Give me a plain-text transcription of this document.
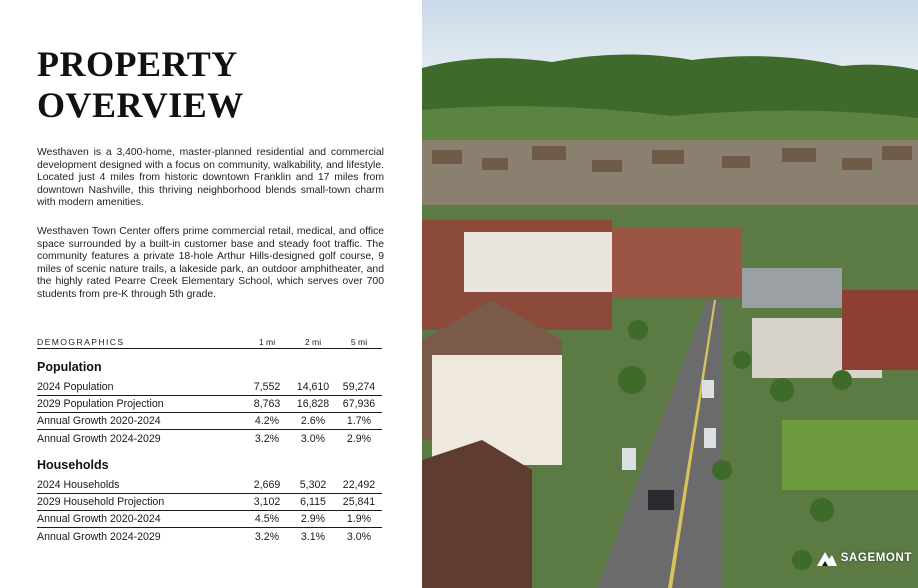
PROPERTY
OVERVIEW

Westhaven is a 3,400-home, master-planned residential and commercial development designed with a focus on community, walkability, and lifestyle. Located just 4 miles from historic downtown Franklin and 17 miles from downtown Nashville, this thriving neighborhood blends small-town charm with modern amenities.

Westhaven Town Center offers prime commercial retail, medical, and office space surrounded by a built-in customer base and steady foot traffic. The community features a private 18-hole Arthur Hills-designed golf course, 9 miles of scenic nature trails, a lakeside park, an outdoor amphitheater, and the highly rated Pearre Creek Elementary School, which serves over 700 students from pre-K through 5th grade.

DEMOGRAPHICS	1 mi	2 mi	5 mi
Population
2024 Population	7,552	14,610	59,274
2029 Population Projection	8,763	16,828	67,936
Annual Growth 2020-2024	4.2%	2.6%	1.7%
Annual Growth 2024-2029	3.2%	3.0%	2.9%
Households
2024 Households	2,669	5,302	22,492
2029 Household Projection	3,102	6,115	25,841
Annual Growth 2020-2024	4.5%	2.9%	1.9%
Annual Growth 2024-2029	3.2%	3.1%	3.0%
SAGEMONT
